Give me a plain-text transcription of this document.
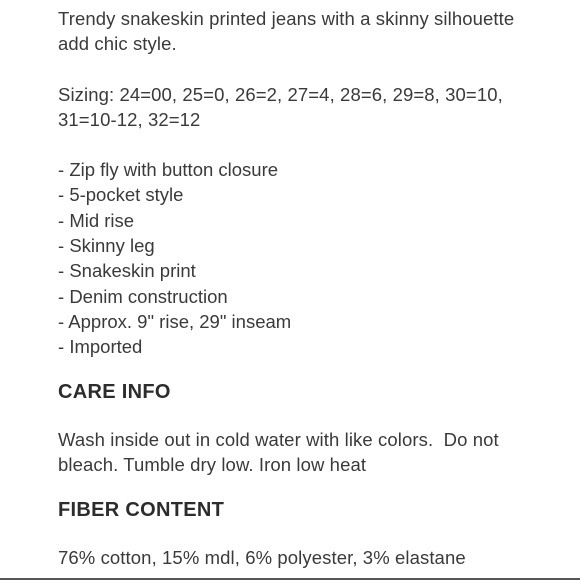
Trendy snakeskin printed jeans with a skinny silhouette
add chic style.

Sizing: 24=00, 25=0, 26=2, 27=4, 28=6, 29=8, 30=10,
31=10-12, 32=12

- Zip fly with button closure
- 5-pocket style
- Mid rise
- Skinny leg
- Snakeskin print
- Denim construction
- Approx. 9" rise, 29" inseam
- Imported
CARE INFO

Wash inside out in cold water with like colors.  Do not
bleach. Tumble dry low. Iron low heat

FIBER CONTENT

76% cotton, 15% mdl, 6% polyester, 3% elastane
